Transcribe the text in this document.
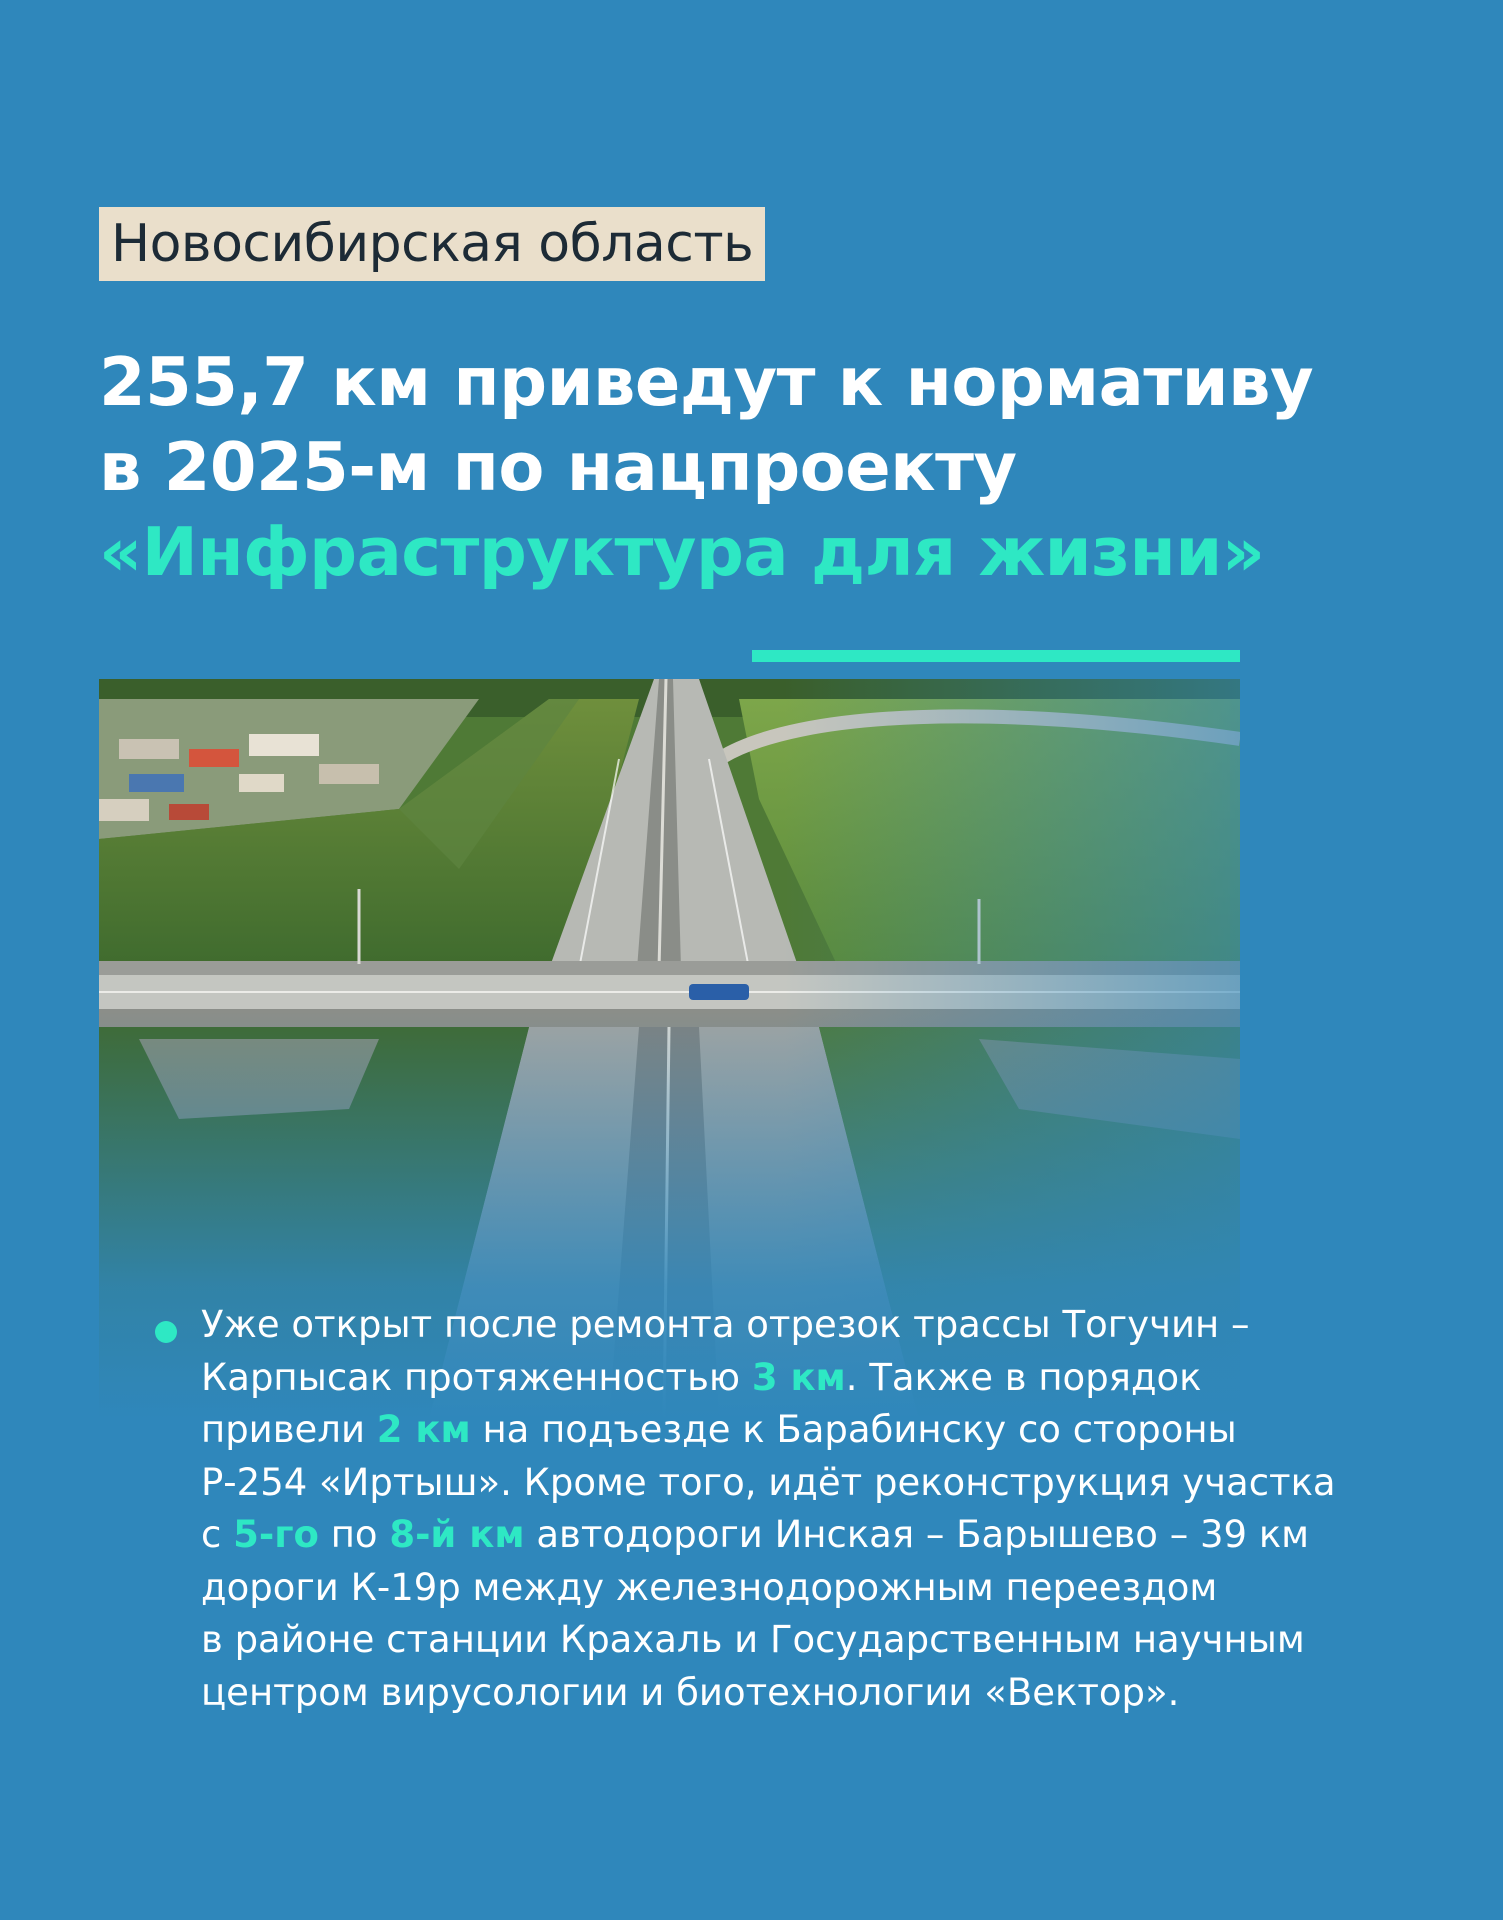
Новосибирская область
255,7 км приведут к нормативу
в 2025-м по нацпроекту
«Инфраструктура для жизни»
Уже открыт после ремонта отрезок трассы Тогучин –
Карпысак протяженностью 3 км. Также в порядок
привели 2 км на подъезде к Барабинску со стороны
Р-254 «Иртыш». Кроме того, идёт реконструкция участка
с 5-го по 8-й км автодороги Инская – Барышево – 39 км
дороги К-19р между железнодорожным переездом
в районе станции Крахаль и Государственным научным
центром вирусологии и биотехнологии «Вектор».
